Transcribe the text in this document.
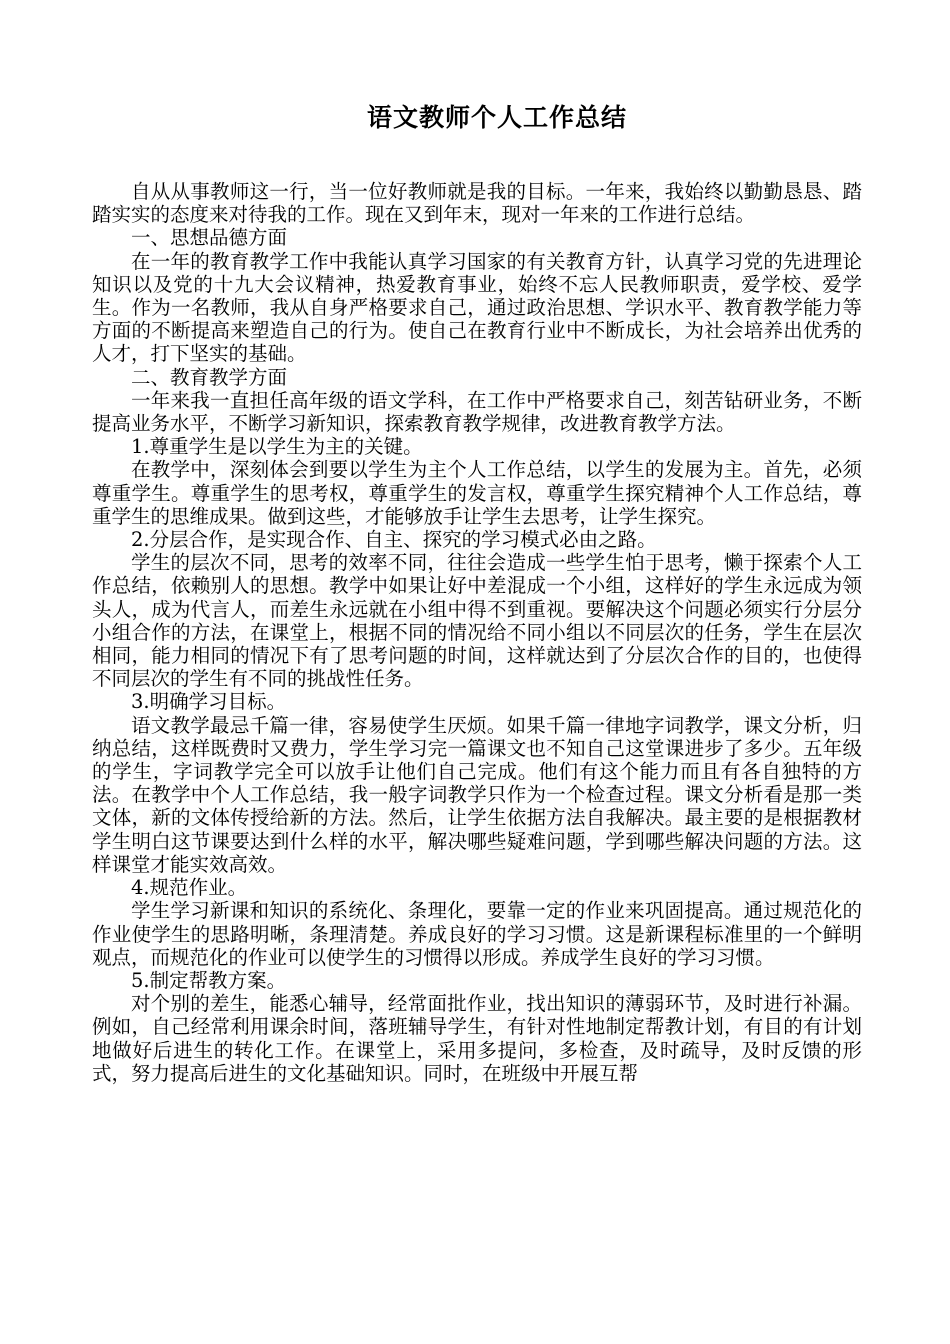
语文教师个人工作总结

自从从事教师这一行，当一位好教师就是我的目标。一年来，我始终以勤勤恳恳、踏踏实实的态度来对待我的工作。现在又到年末，现对一年来的工作进行总结。

一、思想品德方面

在一年的教育教学工作中我能认真学习国家的有关教育方针，认真学习党的先进理论知识以及党的十九大会议精神，热爱教育事业，始终不忘人民教师职责，爱学校、爱学生。作为一名教师，我从自身严格要求自己，通过政治思想、学识水平、教育教学能力等方面的不断提高来塑造自己的行为。使自己在教育行业中不断成长，为社会培养出优秀的人才，打下坚实的基础。

二、教育教学方面

一年来我一直担任高年级的语文学科，在工作中严格要求自己，刻苦钻研业务，不断提高业务水平，不断学习新知识，探索教育教学规律，改进教育教学方法。

1.尊重学生是以学生为主的关键。

在教学中，深刻体会到要以学生为主个人工作总结，以学生的发展为主。首先，必须尊重学生。尊重学生的思考权，尊重学生的发言权，尊重学生探究精神个人工作总结，尊重学生的思维成果。做到这些，才能够放手让学生去思考，让学生探究。

2.分层合作，是实现合作、自主、探究的学习模式必由之路。

学生的层次不同，思考的效率不同，往往会造成一些学生怕于思考，懒于探索个人工作总结，依赖别人的思想。教学中如果让好中差混成一个小组，这样好的学生永远成为领头人，成为代言人，而差生永远就在小组中得不到重视。要解决这个问题必须实行分层分小组合作的方法，在课堂上，根据不同的情况给不同小组以不同层次的任务，学生在层次相同，能力相同的情况下有了思考问题的时间，这样就达到了分层次合作的目的，也使得不同层次的学生有不同的挑战性任务。

3.明确学习目标。

语文教学最忌千篇一律，容易使学生厌烦。如果千篇一律地字词教学，课文分析，归纳总结，这样既费时又费力，学生学习完一篇课文也不知自己这堂课进步了多少。五年级的学生，字词教学完全可以放手让他们自己完成。他们有这个能力而且有各自独特的方法。在教学中个人工作总结，我一般字词教学只作为一个检查过程。课文分析看是那一类文体，新的文体传授给新的方法。然后，让学生依据方法自我解决。最主要的是根据教材学生明白这节课要达到什么样的水平，解决哪些疑难问题，学到哪些解决问题的方法。这样课堂才能实效高效。

4.规范作业。

学生学习新课和知识的系统化、条理化，要靠一定的作业来巩固提高。通过规范化的作业使学生的思路明晰，条理清楚。养成良好的学习习惯。这是新课程标准里的一个鲜明观点，而规范化的作业可以使学生的习惯得以形成。养成学生良好的学习习惯。

5.制定帮教方案。

对个别的差生，能悉心辅导，经常面批作业，找出知识的薄弱环节，及时进行补漏。例如，自己经常利用课余时间，落班辅导学生，有针对性地制定帮教计划，有目的有计划地做好后进生的转化工作。在课堂上，采用多提问，多检查，及时疏导，及时反馈的形式，努力提高后进生的文化基础知识。同时，在班级中开展互帮
